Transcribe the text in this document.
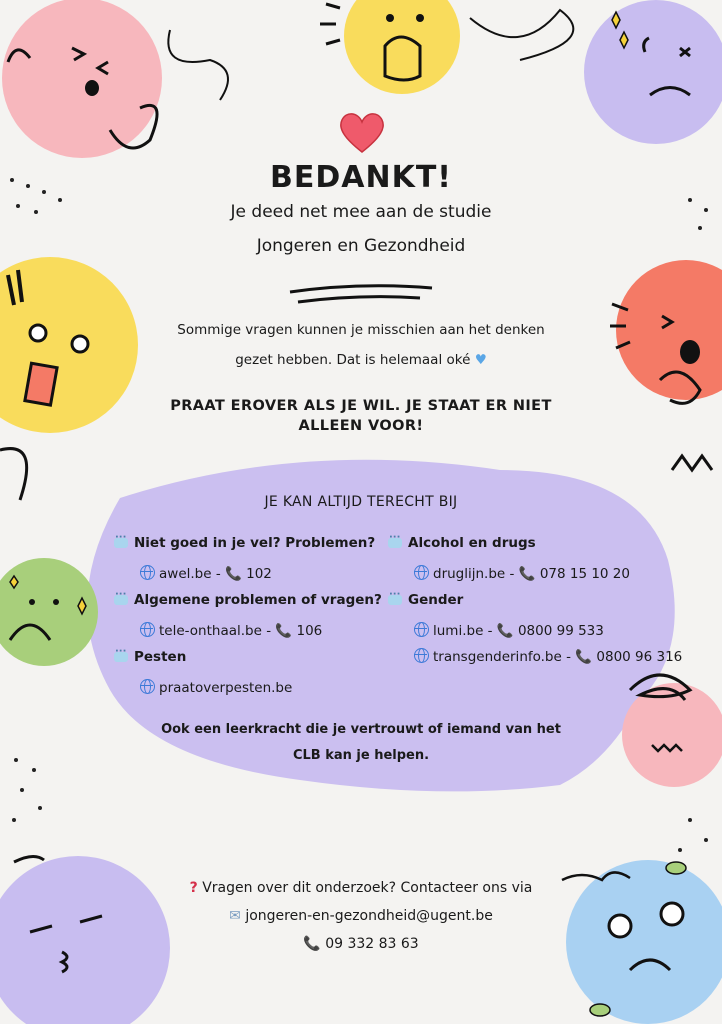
BEDANKT!
Je deed net mee aan de studie
Jongeren en Gezondheid
Sommige vragen kunnen je misschien aan het denken
gezet hebben. Dat is helemaal oké ♥
PRAAT EROVER ALS JE WIL. JE STAAT ER NIET
ALLEEN VOOR!
JE KAN ALTIJD TERECHT BIJ
···Niet goed in je vel? Problemen?
awel.be - 📞 102
···Algemene problemen of vragen?
tele-onthaal.be - 📞 106
···Pesten
praatoverpesten.be
···Alcohol en drugs
druglijn.be - 📞 078 15 10 20
···Gender
lumi.be - 📞 0800 99 533
transgenderinfo.be - 📞 0800 96 316
Ook een leerkracht die je vertrouwt of iemand van het
CLB kan je helpen.
? Vragen over dit onderzoek? Contacteer ons via
✉ jongeren-en-gezondheid@ugent.be
📞 09 332 83 63
